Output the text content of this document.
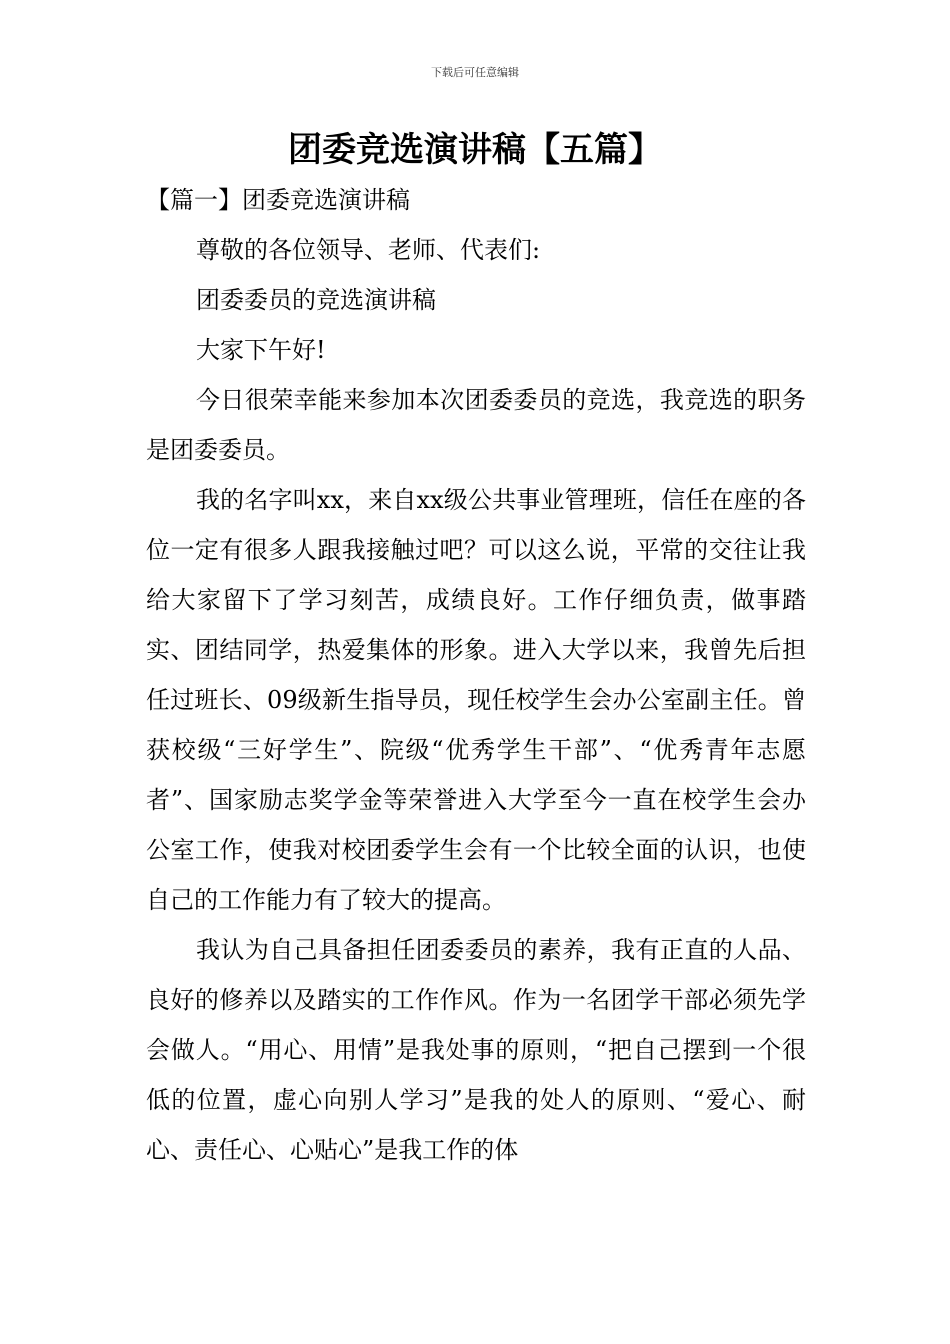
下载后可任意编辑
团委竞选演讲稿【五篇】

【篇一】团委竞选演讲稿

尊敬的各位领导、老师、代表们:

团委委员的竞选演讲稿

大家下午好!

今日很荣幸能来参加本次团委委员的竞选，我竞选的职务是团委委员。

我的名字叫xx，来自xx级公共事业管理班，信任在座的各位一定有很多人跟我接触过吧？可以这么说，平常的交往让我给大家留下了学习刻苦，成绩良好。工作仔细负责，做事踏实、团结同学，热爱集体的形象。进入大学以来，我曾先后担任过班长、09级新生指导员，现任校学生会办公室副主任。曾获校级“三好学生”、院级“优秀学生干部”、“优秀青年志愿者”、国家励志奖学金等荣誉进入大学至今一直在校学生会办公室工作，使我对校团委学生会有一个比较全面的认识，也使自己的工作能力有了较大的提高。

我认为自己具备担任团委委员的素养，我有正直的人品、良好的修养以及踏实的工作作风。作为一名团学干部必须先学会做人。“用心、用情”是我处事的原则，“把自己摆到一个很低的位置，虚心向别人学习”是我的处人的原则、“爱心、耐心、责任心、心贴心”是我工作的体
